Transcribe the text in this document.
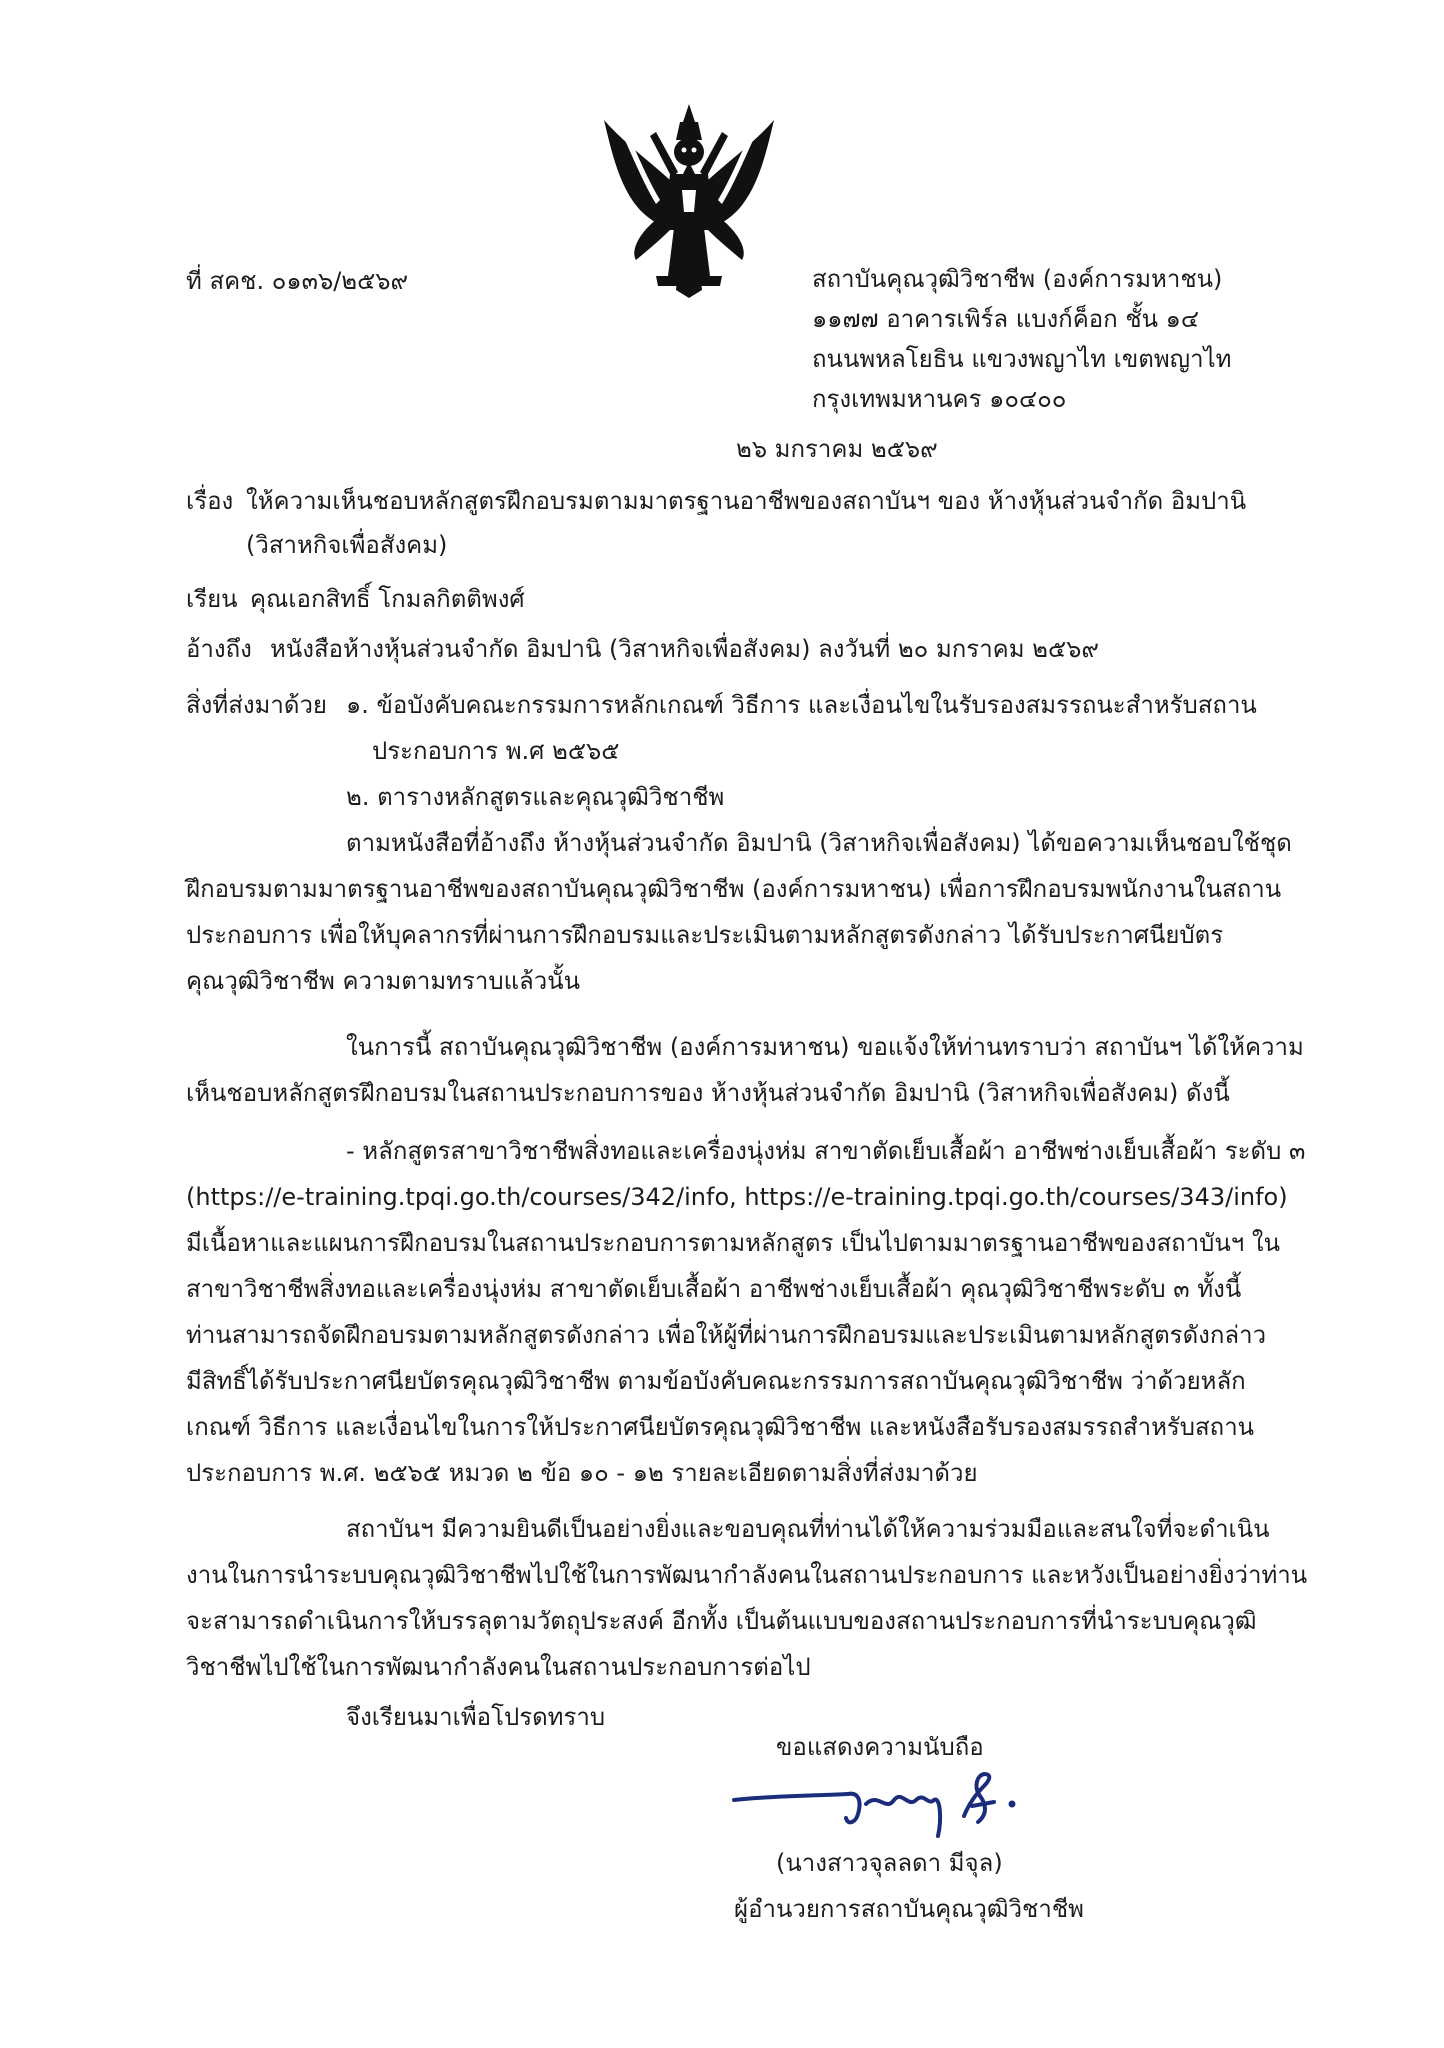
ที่ สคช. ๐๑๓๖/๒๕๖๙	สถาบันคุณวุฒิวิชาชีพ (องค์การมหาชน)
๑๑๗๗ อาคารเพิร์ล แบงก์ค็อก ชั้น ๑๔
ถนนพหลโยธิน แขวงพญาไท เขตพญาไท
กรุงเทพมหานคร ๑๐๔๐๐
๒๖ มกราคม ๒๕๖๙
เรื่อง ให้ความเห็นชอบหลักสูตรฝึกอบรมตามมาตรฐานอาชีพของสถาบันฯ ของ ห้างหุ้นส่วนจำกัด อิมปานิ
(วิสาหกิจเพื่อสังคม)
เรียน คุณเอกสิทธิ์ โกมลกิตติพงศ์
อ้างถึง หนังสือห้างหุ้นส่วนจำกัด อิมปานิ (วิสาหกิจเพื่อสังคม) ลงวันที่ ๒๐ มกราคม ๒๕๖๙
สิ่งที่ส่งมาด้วย ๑. ข้อบังคับคณะกรรมการหลักเกณฑ์ วิธีการ และเงื่อนไขในรับรองสมรรถนะสำหรับสถาน
ประกอบการ พ.ศ ๒๕๖๕
๒. ตารางหลักสูตรและคุณวุฒิวิชาชีพ
ตามหนังสือที่อ้างถึง ห้างหุ้นส่วนจำกัด อิมปานิ (วิสาหกิจเพื่อสังคม) ได้ขอความเห็นชอบใช้ชุด
ฝึกอบรมตามมาตรฐานอาชีพของสถาบันคุณวุฒิวิชาชีพ (องค์การมหาชน) เพื่อการฝึกอบรมพนักงานในสถาน
ประกอบการ เพื่อให้บุคลากรที่ผ่านการฝึกอบรมและประเมินตามหลักสูตรดังกล่าว ได้รับประกาศนียบัตร
คุณวุฒิวิชาชีพ ความตามทราบแล้วนั้น
ในการนี้ สถาบันคุณวุฒิวิชาชีพ (องค์การมหาชน) ขอแจ้งให้ท่านทราบว่า สถาบันฯ ได้ให้ความ
เห็นชอบหลักสูตรฝึกอบรมในสถานประกอบการของ ห้างหุ้นส่วนจำกัด อิมปานิ (วิสาหกิจเพื่อสังคม) ดังนี้
- หลักสูตรสาขาวิชาชีพสิ่งทอและเครื่องนุ่งห่ม สาขาตัดเย็บเสื้อผ้า อาชีพช่างเย็บเสื้อผ้า ระดับ ๓
(https://e-training.tpqi.go.th/courses/342/info, https://e-training.tpqi.go.th/courses/343/info)
มีเนื้อหาและแผนการฝึกอบรมในสถานประกอบการตามหลักสูตร เป็นไปตามมาตรฐานอาชีพของสถาบันฯ ใน
สาขาวิชาชีพสิ่งทอและเครื่องนุ่งห่ม สาขาตัดเย็บเสื้อผ้า อาชีพช่างเย็บเสื้อผ้า คุณวุฒิวิชาชีพระดับ ๓ ทั้งนี้
ท่านสามารถจัดฝึกอบรมตามหลักสูตรดังกล่าว เพื่อให้ผู้ที่ผ่านการฝึกอบรมและประเมินตามหลักสูตรดังกล่าว
มีสิทธิ์ได้รับประกาศนียบัตรคุณวุฒิวิชาชีพ ตามข้อบังคับคณะกรรมการสถาบันคุณวุฒิวิชาชีพ ว่าด้วยหลัก
เกณฑ์ วิธีการ และเงื่อนไขในการให้ประกาศนียบัตรคุณวุฒิวิชาชีพ และหนังสือรับรองสมรรถสำหรับสถาน
ประกอบการ พ.ศ. ๒๕๖๕ หมวด ๒ ข้อ ๑๐ - ๑๒ รายละเอียดตามสิ่งที่ส่งมาด้วย
สถาบันฯ มีความยินดีเป็นอย่างยิ่งและขอบคุณที่ท่านได้ให้ความร่วมมือและสนใจที่จะดำเนิน
งานในการนำระบบคุณวุฒิวิชาชีพไปใช้ในการพัฒนากำลังคนในสถานประกอบการ และหวังเป็นอย่างยิ่งว่าท่าน
จะสามารถดำเนินการให้บรรลุตามวัตถุประสงค์ อีกทั้ง เป็นต้นแบบของสถานประกอบการที่นำระบบคุณวุฒิ
วิชาชีพไปใช้ในการพัฒนากำลังคนในสถานประกอบการต่อไป
จึงเรียนมาเพื่อโปรดทราบ
ขอแสดงความนับถือ
(นางสาวจุลลดา มีจุล)
ผู้อำนวยการสถาบันคุณวุฒิวิชาชีพ
